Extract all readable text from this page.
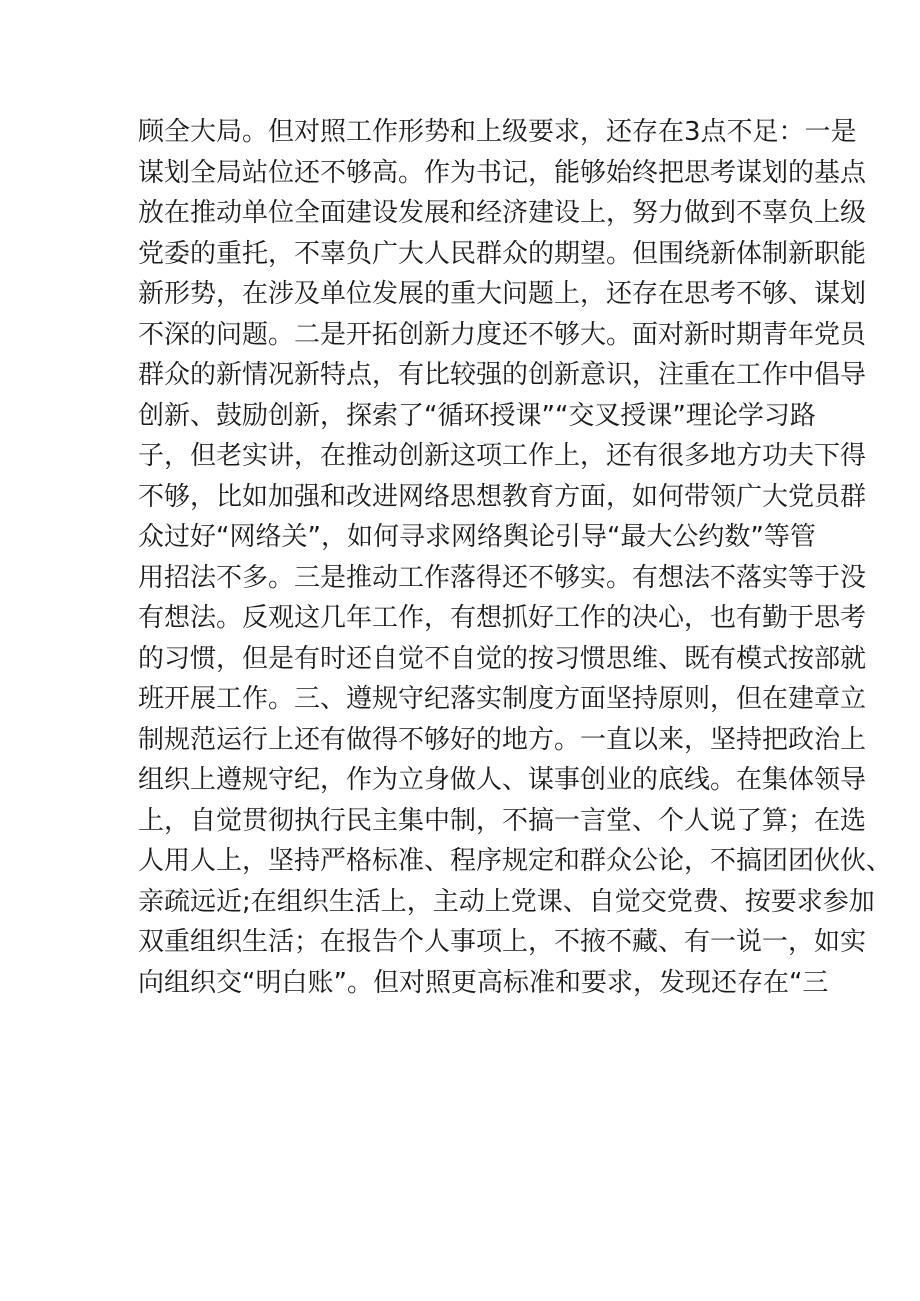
顾全大局。但对照工作形势和上级要求，还存在3点不足：一是
谋划全局站位还不够高。作为书记，能够始终把思考谋划的基点
放在推动单位全面建设发展和经济建设上，努力做到不辜负上级
党委的重托，不辜负广大人民群众的期望。但围绕新体制新职能
新形势，在涉及单位发展的重大问题上，还存在思考不够、谋划
不深的问题。二是开拓创新力度还不够大。面对新时期青年党员
群众的新情况新特点，有比较强的创新意识，注重在工作中倡导
创新、鼓励创新，探索了“循环授课”“交叉授课”理论学习路
子，但老实讲，在推动创新这项工作上，还有很多地方功夫下得
不够，比如加强和改进网络思想教育方面，如何带领广大党员群
众过好“网络关”，如何寻求网络舆论引导“最大公约数”等管
用招法不多。三是推动工作落得还不够实。有想法不落实等于没
有想法。反观这几年工作，有想抓好工作的决心，也有勤于思考
的习惯，但是有时还自觉不自觉的按习惯思维、既有模式按部就
班开展工作。三、遵规守纪落实制度方面坚持原则，但在建章立
制规范运行上还有做得不够好的地方。一直以来，坚持把政治上
组织上遵规守纪，作为立身做人、谋事创业的底线。在集体领导
上，自觉贯彻执行民主集中制，不搞一言堂、个人说了算；在选
人用人上，坚持严格标准、程序规定和群众公论，不搞团团伙伙、
亲疏远近;在组织生活上，主动上党课、自觉交党费、按要求参加
双重组织生活；在报告个人事项上，不掖不藏、有一说一，如实
向组织交“明白账”。但对照更高标准和要求，发现还存在“三
